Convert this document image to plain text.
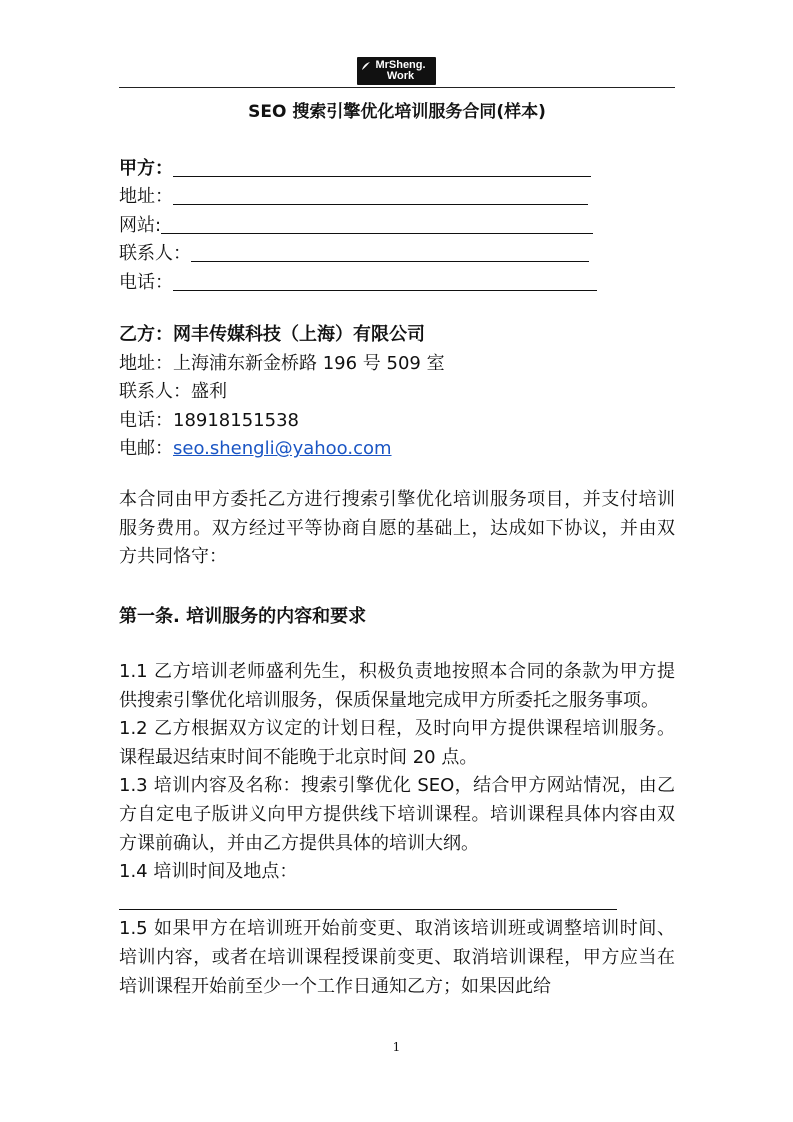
MrSheng.
Work
SEO 搜索引擎优化培训服务合同(样本)
甲方：
地址：
网站:
联系人：
电话：
乙方：网丰传媒科技（上海）有限公司
地址：上海浦东新金桥路 196 号 509 室
联系人：盛利
电话：18918151538
电邮：seo.shengli@yahoo.com
本合同由甲方委托乙方进行搜索引擎优化培训服务项目，并支付培训服务费用。双方经过平等协商自愿的基础上，达成如下协议，并由双方共同恪守：
第一条. 培训服务的内容和要求

1.1 乙方培训老师盛利先生，积极负责地按照本合同的条款为甲方提供搜索引擎优化培训服务，保质保量地完成甲方所委托之服务事项。

1.2 乙方根据双方议定的计划日程，及时向甲方提供课程培训服务。课程最迟结束时间不能晚于北京时间 20 点。

1.3 培训内容及名称：搜索引擎优化 SEO，结合甲方网站情况，由乙方自定电子版讲义向甲方提供线下培训课程。培训课程具体内容由双方课前确认，并由乙方提供具体的培训大纲。

1.4 培训时间及地点：

1.5 如果甲方在培训班开始前变更、取消该培训班或调整培训时间、培训内容，或者在培训课程授课前变更、取消培训课程，甲方应当在培训课程开始前至少一个工作日通知乙方；如果因此给

1
